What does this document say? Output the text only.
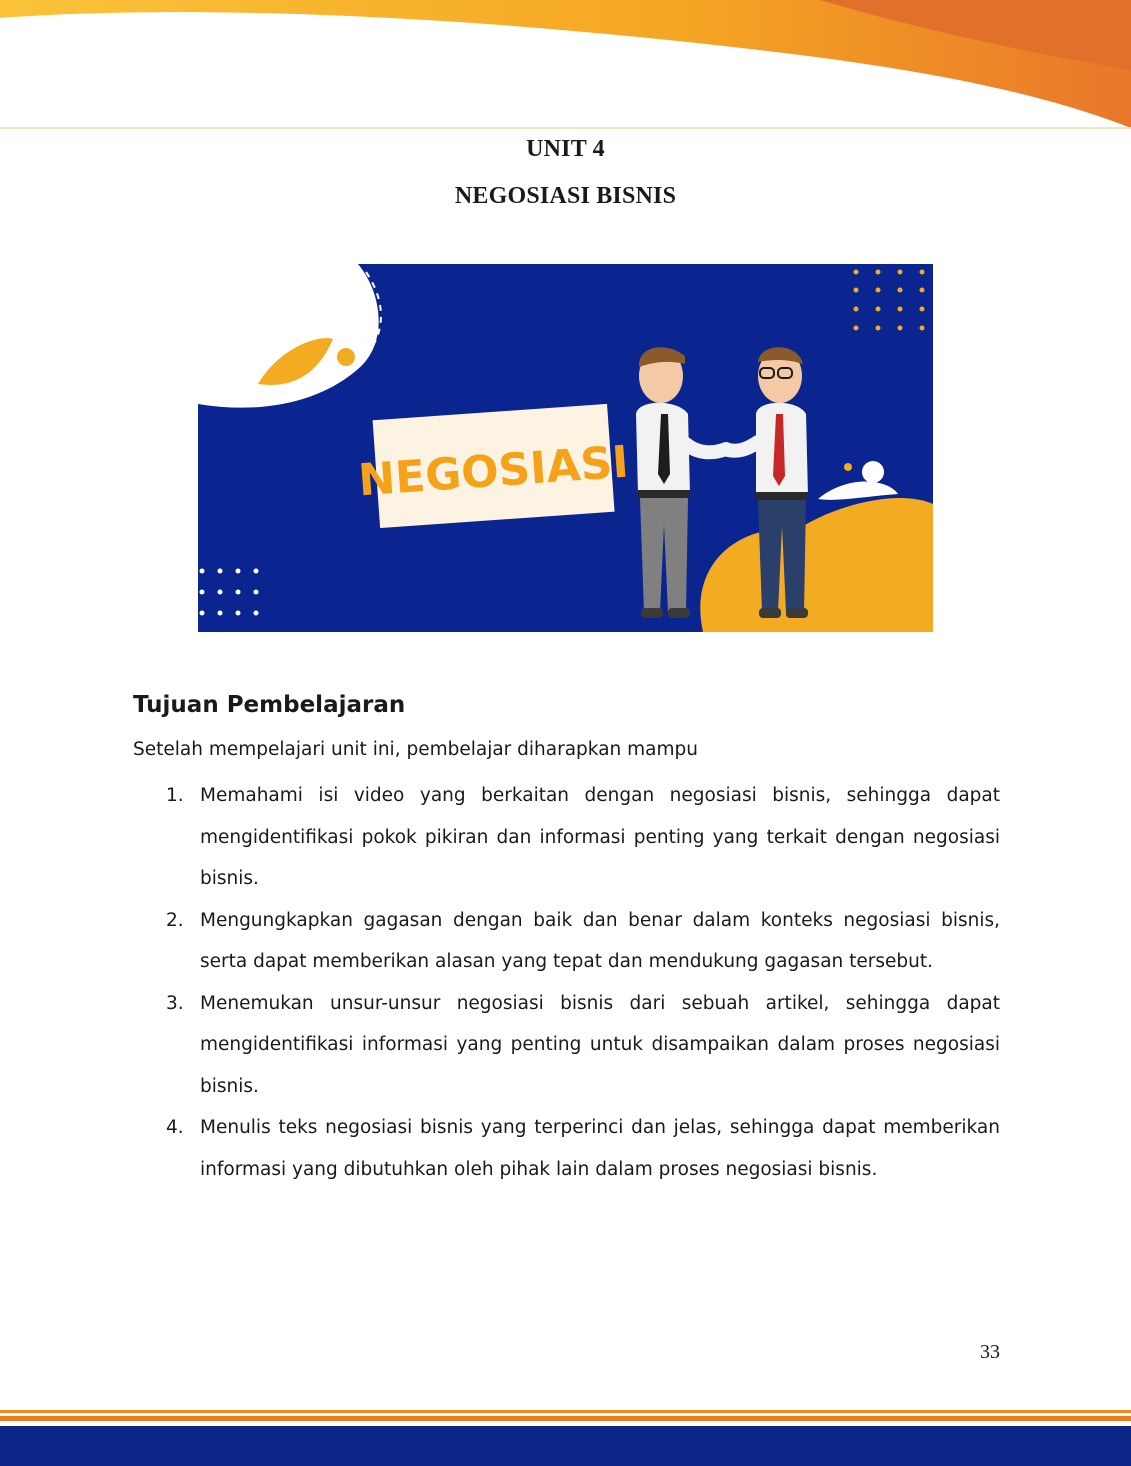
UNIT 4
NEGOSIASI BISNIS
NEGOSIASI
Tujuan Pembelajaran
Setelah mempelajari unit ini, pembelajar diharapkan mampu
1. Memahami isi video yang berkaitan dengan negosiasi bisnis, sehingga dapat mengidentifikasi pokok pikiran dan informasi penting yang terkait dengan negosiasi bisnis.
2. Mengungkapkan gagasan dengan baik dan benar dalam konteks negosiasi bisnis, serta dapat memberikan alasan yang tepat dan mendukung gagasan tersebut.
3. Menemukan unsur-unsur negosiasi bisnis dari sebuah artikel, sehingga dapat mengidentifikasi informasi yang penting untuk disampaikan dalam proses negosiasi bisnis.
4. Menulis teks negosiasi bisnis yang terperinci dan jelas, sehingga dapat memberikan informasi yang dibutuhkan oleh pihak lain dalam proses negosiasi bisnis.
33
